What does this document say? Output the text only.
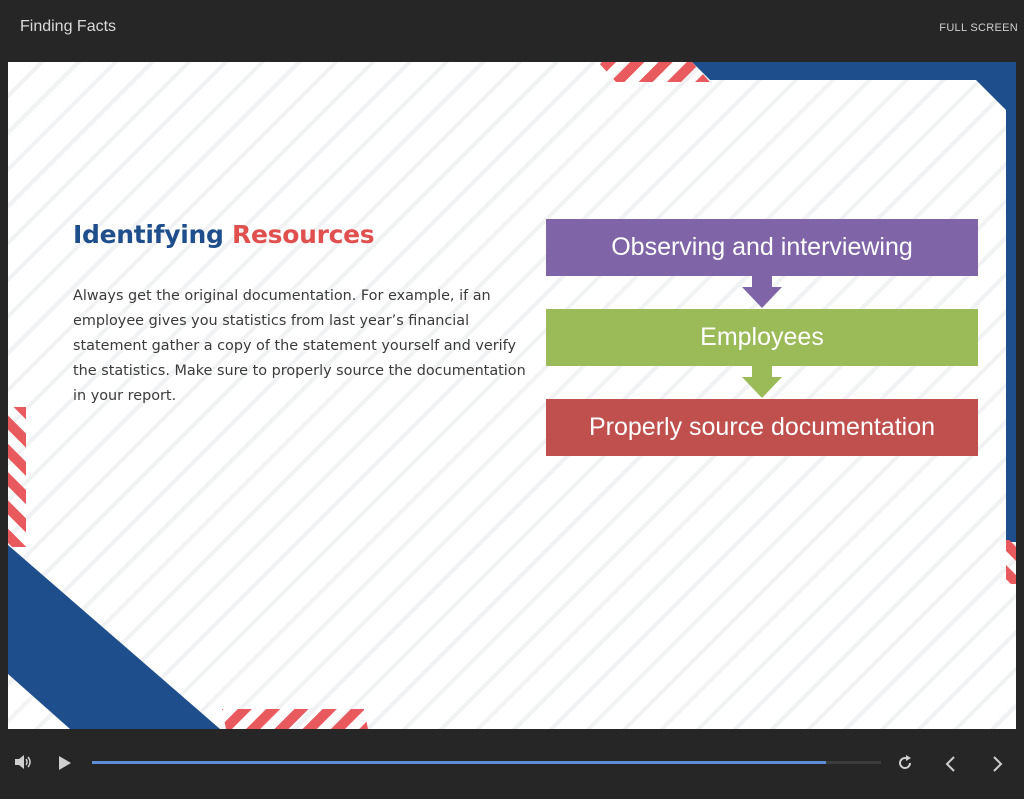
Finding Facts	FULL SCREEN
Identifying Resources
Always get the original documentation. For example, if an employee gives you statistics from last year’s financial statement gather a copy of the statement yourself and verify the statistics. Make sure to properly source the documentation in your report.
Observing and interviewing
Employees
Properly source documentation
